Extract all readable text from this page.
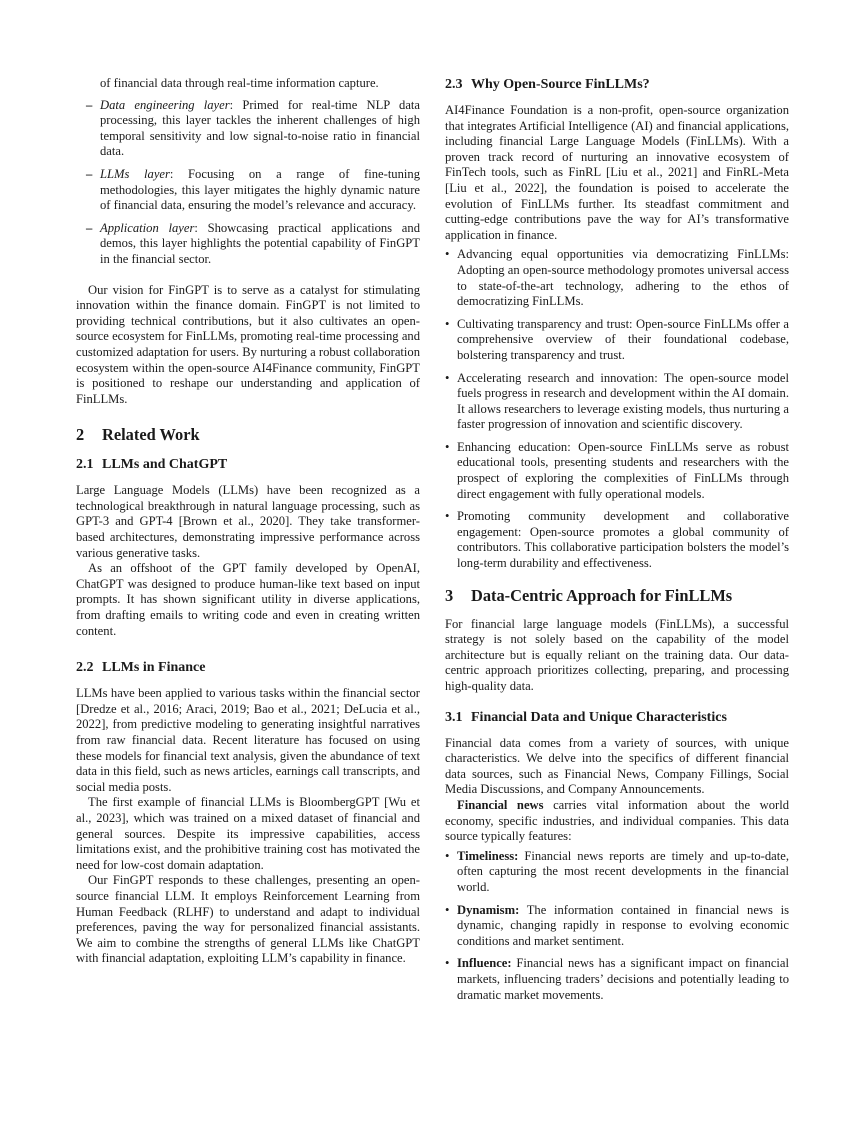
of financial data through real-time information capture.

– Data engineering layer: Primed for real-time NLP data processing, this layer tackles the inherent challenges of high temporal sensitivity and low signal-to-noise ratio in financial data.
– LLMs layer: Focusing on a range of fine-tuning methodologies, this layer mitigates the highly dynamic nature of financial data, ensuring the model’s relevance and accuracy.
– Application layer: Showcasing practical applications and demos, this layer highlights the potential capability of FinGPT in the financial sector.

Our vision for FinGPT is to serve as a catalyst for stimulating innovation within the finance domain. FinGPT is not limited to providing technical contributions, but it also cultivates an open-source ecosystem for FinLLMs, promoting real-time processing and customized adaptation for users. By nurturing a robust collaboration ecosystem within the open-source AI4Finance community, FinGPT is positioned to reshape our understanding and application of FinLLMs.

2 Related Work
2.1 LLMs and ChatGPT

Large Language Models (LLMs) have been recognized as a technological breakthrough in natural language processing, such as GPT-3 and GPT-4 [Brown et al., 2020]. They take transformer-based architectures, demonstrating impressive performance across various generative tasks.

As an offshoot of the GPT family developed by OpenAI, ChatGPT was designed to produce human-like text based on input prompts. It has shown significant utility in diverse applications, from drafting emails to writing code and even in creating written content.

2.2 LLMs in Finance

LLMs have been applied to various tasks within the financial sector [Dredze et al., 2016; Araci, 2019; Bao et al., 2021; DeLucia et al., 2022], from predictive modeling to generating insightful narratives from raw financial data. Recent literature has focused on using these models for financial text analysis, given the abundance of text data in this field, such as news articles, earnings call transcripts, and social media posts.

The first example of financial LLMs is BloombergGPT [Wu et al., 2023], which was trained on a mixed dataset of financial and general sources. Despite its impressive capabilities, access limitations exist, and the prohibitive training cost has motivated the need for low-cost domain adaptation.

Our FinGPT responds to these challenges, presenting an open-source financial LLM. It employs Reinforcement Learning from Human Feedback (RLHF) to understand and adapt to individual preferences, paving the way for personalized financial assistants. We aim to combine the strengths of general LLMs like ChatGPT with financial adaptation, exploiting LLM’s capability in finance.

2.3 Why Open-Source FinLLMs?

AI4Finance Foundation is a non-profit, open-source organization that integrates Artificial Intelligence (AI) and financial applications, including financial Large Language Models (FinLLMs). With a proven track record of nurturing an innovative ecosystem of FinTech tools, such as FinRL [Liu et al., 2021] and FinRL-Meta [Liu et al., 2022], the foundation is poised to accelerate the evolution of FinLLMs further. Its steadfast commitment and cutting-edge contributions pave the way for AI’s transformative application in finance.

• Advancing equal opportunities via democratizing FinLLMs: Adopting an open-source methodology promotes universal access to state-of-the-art technology, adhering to the ethos of democratizing FinLLMs.
• Cultivating transparency and trust: Open-source FinLLMs offer a comprehensive overview of their foundational codebase, bolstering transparency and trust.
• Accelerating research and innovation: The open-source model fuels progress in research and development within the AI domain. It allows researchers to leverage existing models, thus nurturing a faster progression of innovation and scientific discovery.
• Enhancing education: Open-source FinLLMs serve as robust educational tools, presenting students and researchers with the prospect of exploring the complexities of FinLLMs through direct engagement with fully operational models.
• Promoting community development and collaborative engagement: Open-source promotes a global community of contributors. This collaborative participation bolsters the model’s long-term durability and effectiveness.
3 Data-Centric Approach for FinLLMs

For financial large language models (FinLLMs), a successful strategy is not solely based on the capability of the model architecture but is equally reliant on the training data. Our data-centric approach prioritizes collecting, preparing, and processing high-quality data.

3.1 Financial Data and Unique Characteristics

Financial data comes from a variety of sources, with unique characteristics. We delve into the specifics of different financial data sources, such as Financial News, Company Fillings, Social Media Discussions, and Company Announcements.

Financial news carries vital information about the world economy, specific industries, and individual companies. This data source typically features:

• Timeliness: Financial news reports are timely and up-to-date, often capturing the most recent developments in the financial world.
• Dynamism: The information contained in financial news is dynamic, changing rapidly in response to evolving economic conditions and market sentiment.
• Influence: Financial news has a significant impact on financial markets, influencing traders’ decisions and potentially leading to dramatic market movements.
